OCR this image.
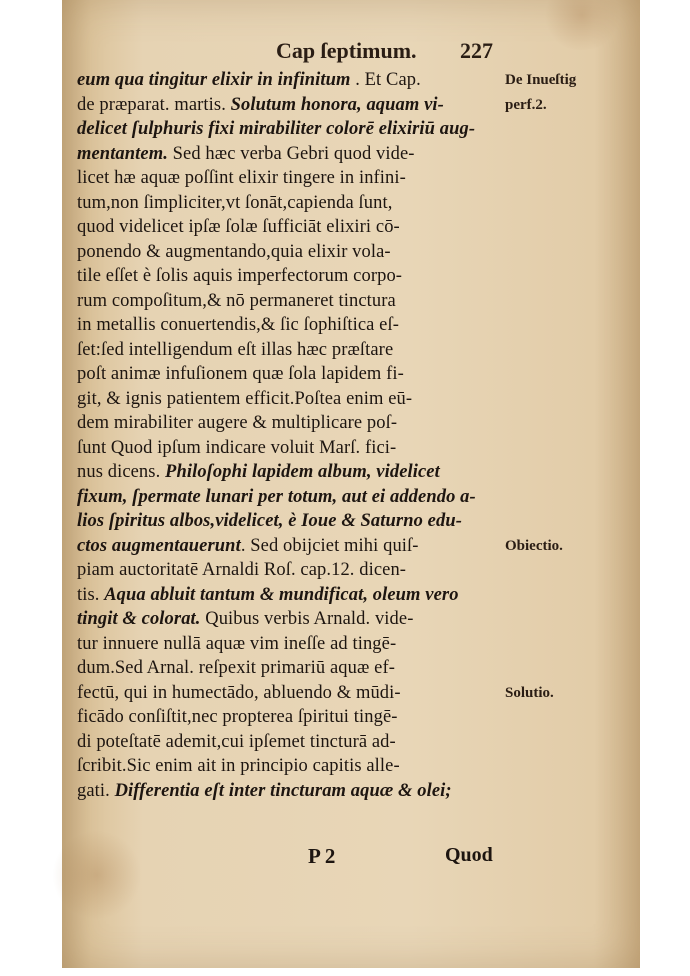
Cap ſeptimum. 227
eum qua tingitur elixir in infinitum . Et Cap.
de præparat. martis. Solutum honora, aquam vi-
delicet ſulphuris fixi mirabiliter colorē elixiriū aug-
mentantem. Sed hæc verba Gebri quod vide-
licet hæ aquæ poſſint elixir tingere in infini-
tum,non ſimpliciter,vt ſonāt,capienda ſunt,
quod videlicet ipſæ ſolæ ſufficiāt elixiri cō-
ponendo & augmentando,quia elixir vola-
tile eſſet è ſolis aquis imperfectorum corpo-
rum compoſitum,& nō permaneret tinctura
in metallis conuertendis,& ſic ſophiſtica eſ-
ſet:ſed intelligendum eſt illas hæc præſtare
poſt animæ infuſionem quæ ſola lapidem fi-
git, & ignis patientem efficit.Poſtea enim eū-
dem mirabiliter augere & multiplicare poſ-
ſunt Quod ipſum indicare voluit Marſ. fici-
nus dicens. Philoſophi lapidem album, videlicet
fixum, ſpermate lunari per totum, aut ei addendo a-
lios ſpiritus albos,videlicet, è Ioue & Saturno edu-
ctos augmentauerunt. Sed obijciet mihi quiſ-
piam auctoritatē Arnaldi Roſ. cap.12. dicen-
tis. Aqua abluit tantum & mundificat, oleum vero
tingit & colorat. Quibus verbis Arnald. vide-
tur innuere nullā aquæ vim ineſſe ad tingē-
dum.Sed Arnal. reſpexit primariū aquæ ef-
fectū, qui in humectādo, abluendo & mūdi-
ficādo conſiſtit,nec propterea ſpiritui tingē-
di poteſtatē ademit,cui ipſemet tincturā ad-
ſcribit.Sic enim ait in principio capitis alle-
gati. Differentia eſt inter tincturam aquæ & olei;
De Inueſtig
perf.2.
Obiectio.
Solutio.
P 2	Quod
